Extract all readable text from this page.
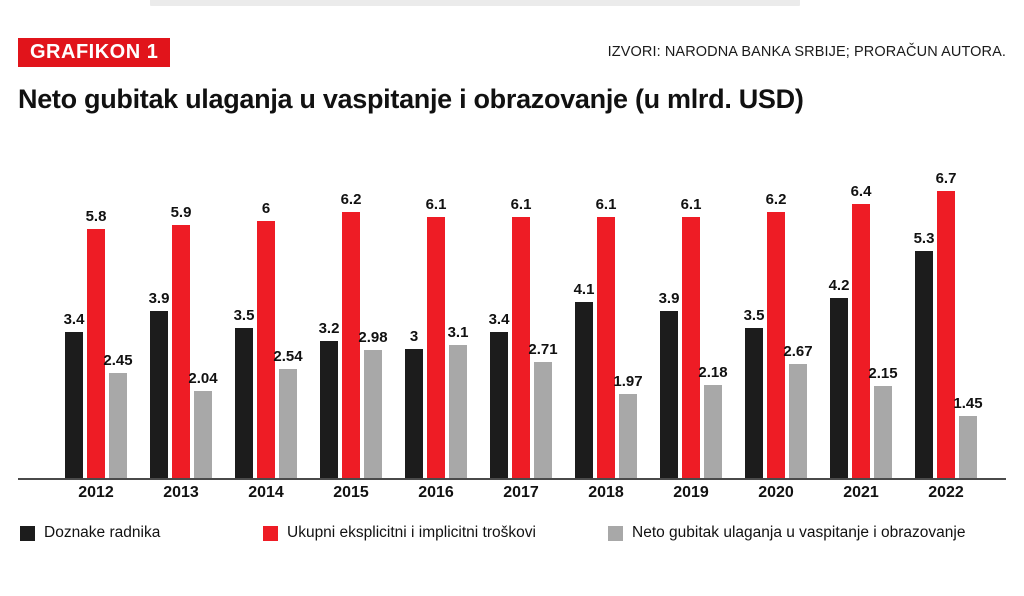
GRAFIKON 1	IZVORI: NARODNA BANKA SRBIJE; PRORAČUN AUTORA.
Neto gubitak ulaganja u vaspitanje i obrazovanje (u mlrd. USD)
3.4
5.8
2.45
3.9
5.9
2.04
3.5
6
2.54
3.2
6.2
2.98	3
6.1
3.1
3.4
6.1
2.71
4.1
6.1
1.97
3.9
6.1
2.18
3.5
6.2
2.67
4.2
6.4
2.15
5.3
6.7
1.45
2012	2013	2014	2015	2016	2017	2018	2019	2020	2021	2022
Doznake radnika	Ukupni eksplicitni i implicitni troškovi	Neto gubitak ulaganja u vaspitanje i obrazovanje
